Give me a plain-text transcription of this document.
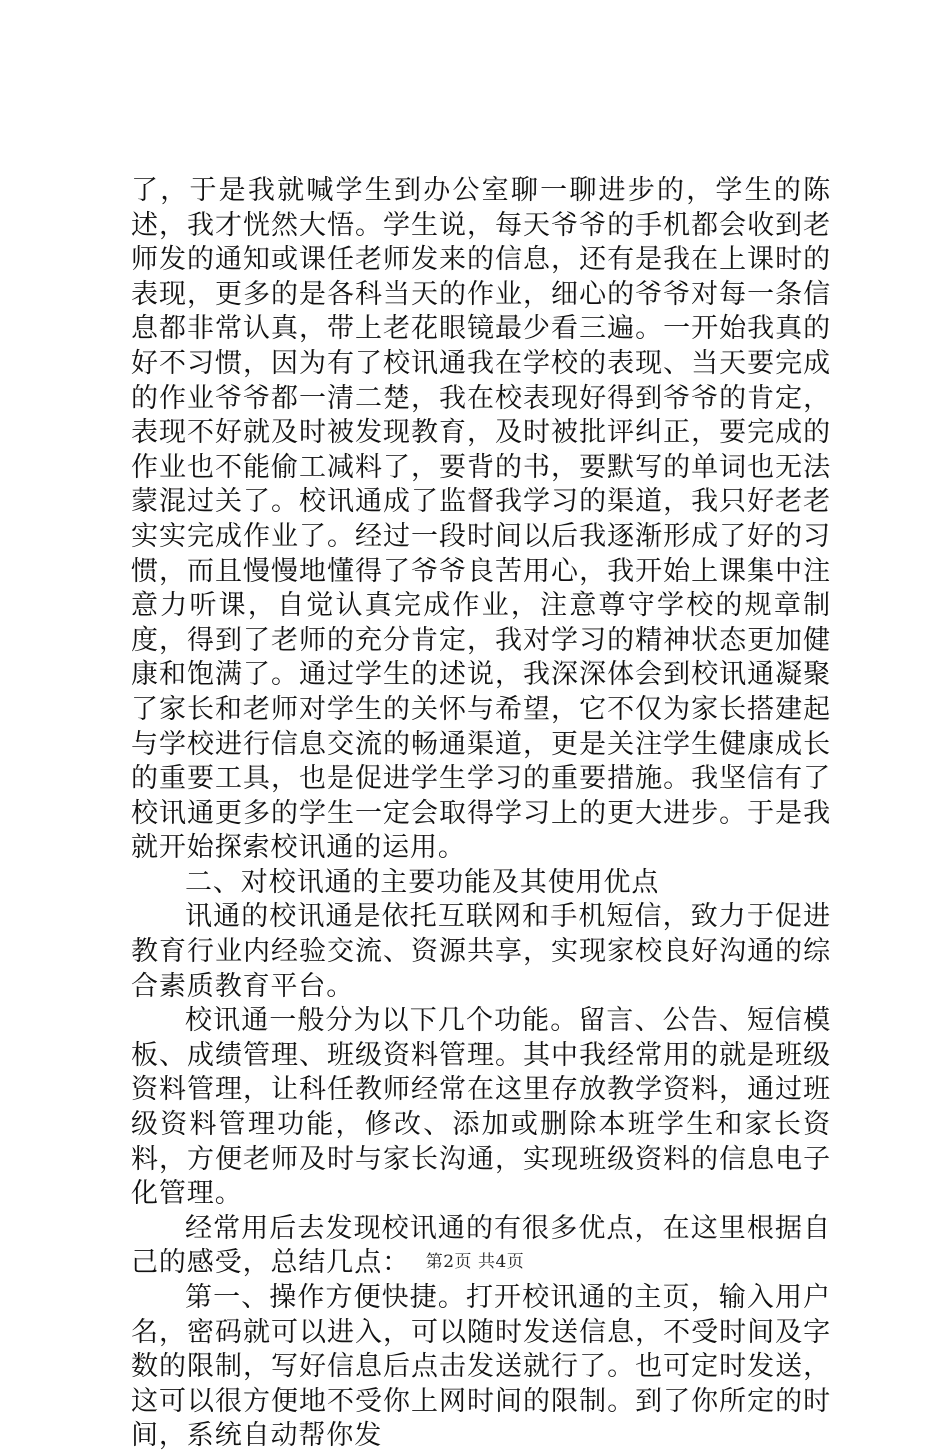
了，于是我就喊学生到办公室聊一聊进步的，学生的陈述，我才恍然大悟。学生说，每天爷爷的手机都会收到老师发的通知或课任老师发来的信息，还有是我在上课时的表现，更多的是各科当天的作业，细心的爷爷对每一条信息都非常认真，带上老花眼镜最少看三遍。一开始我真的好不习惯，因为有了校讯通我在学校的表现、当天要完成的作业爷爷都一清二楚，我在校表现好得到爷爷的肯定，表现不好就及时被发现教育，及时被批评纠正，要完成的作业也不能偷工减料了，要背的书，要默写的单词也无法蒙混过关了。校讯通成了监督我学习的渠道，我只好老老实实完成作业了。经过一段时间以后我逐渐形成了好的习惯，而且慢慢地懂得了爷爷良苦用心，我开始上课集中注意力听课，自觉认真完成作业，注意尊守学校的规章制度，得到了老师的充分肯定，我对学习的精神状态更加健康和饱满了。通过学生的述说，我深深体会到校讯通凝聚了家长和老师对学生的关怀与希望，它不仅为家长搭建起与学校进行信息交流的畅通渠道，更是关注学生健康成长的重要工具，也是促进学生学习的重要措施。我坚信有了校讯通更多的学生一定会取得学习上的更大进步。于是我就开始探索校讯通的运用。

二、对校讯通的主要功能及其使用优点

讯通的校讯通是依托互联网和手机短信，致力于促进教育行业内经验交流、资源共享，实现家校良好沟通的综合素质教育平台。

校讯通一般分为以下几个功能。留言、公告、短信模板、成绩管理、班级资料管理。其中我经常用的就是班级资料管理，让科任教师经常在这里存放教学资料，通过班级资料管理功能，修改、添加或删除本班学生和家长资料，方便老师及时与家长沟通，实现班级资料的信息电子化管理。

经常用后去发现校讯通的有很多优点，在这里根据自己的感受，总结几点：

第一、操作方便快捷。打开校讯通的主页，输入用户名，密码就可以进入，可以随时发送信息，不受时间及字数的限制，写好信息后点击发送就行了。也可定时发送，这可以很方便地不受你上网时间的限制。到了你所定的时间，系统自动帮你发

第2页 共4页
